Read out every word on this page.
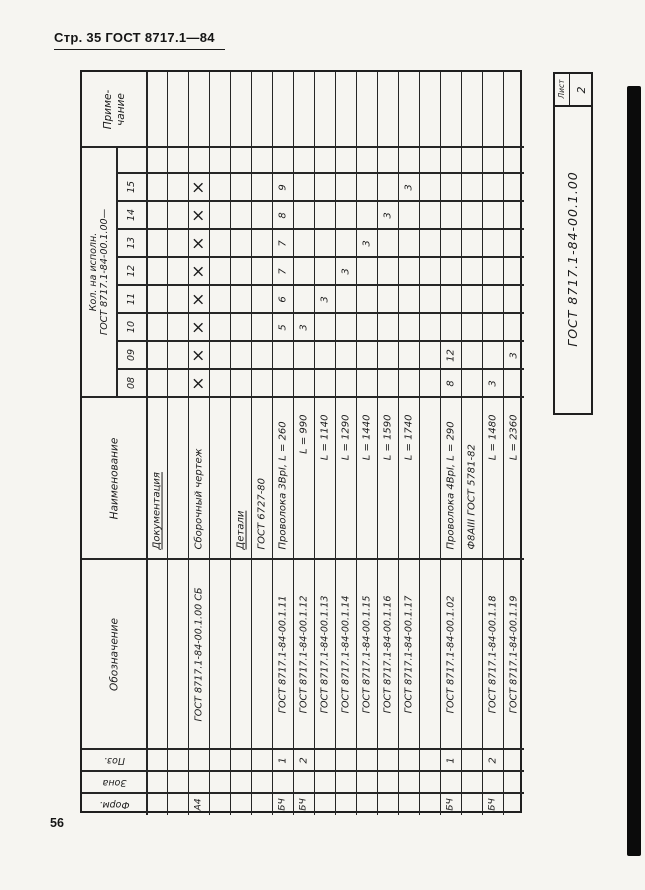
Стр. 35 ГОСТ 8717.1—84
56
Приме- чание
Кол. на исполн. ГОСТ 8717.1-84-00.1.00—
Наименование
Обозначение
Поз.
Зона
Форм.
08
09
10
11
12
13
14
15
Документация	Сборочный чертеж
ГОСТ 8717.1-84-00.1.00 СБ
А4
×
×
×
×
×
×
×
×
Детали ГОСТ 6727-80 Проволока 3ВрI, L = 260
ГОСТ 8717.1-84-00.1.11
1
БЧ
5
6
7
7
8
9
L = 990
ГОСТ 8717.1-84-00.1.12
2
БЧ
3
L = 1140
ГОСТ 8717.1-84-00.1.13
3
L = 1290
ГОСТ 8717.1-84-00.1.14
3
L = 1440
ГОСТ 8717.1-84-00.1.15
3
L = 1590
ГОСТ 8717.1-84-00.1.16
3
L = 1740
ГОСТ 8717.1-84-00.1.17
3
Проволока 4ВрI, L = 290
ГОСТ 8717.1-84-00.1.02
1
БЧ
8
12
Ф8АIII ГОСТ 5781-82
L = 1480
ГОСТ 8717.1-84-00.1.18
2
БЧ
3
L = 2360
ГОСТ 8717.1-84-00.1.19
3
Лист 2
ГОСТ 8717.1-84-00.1.00
